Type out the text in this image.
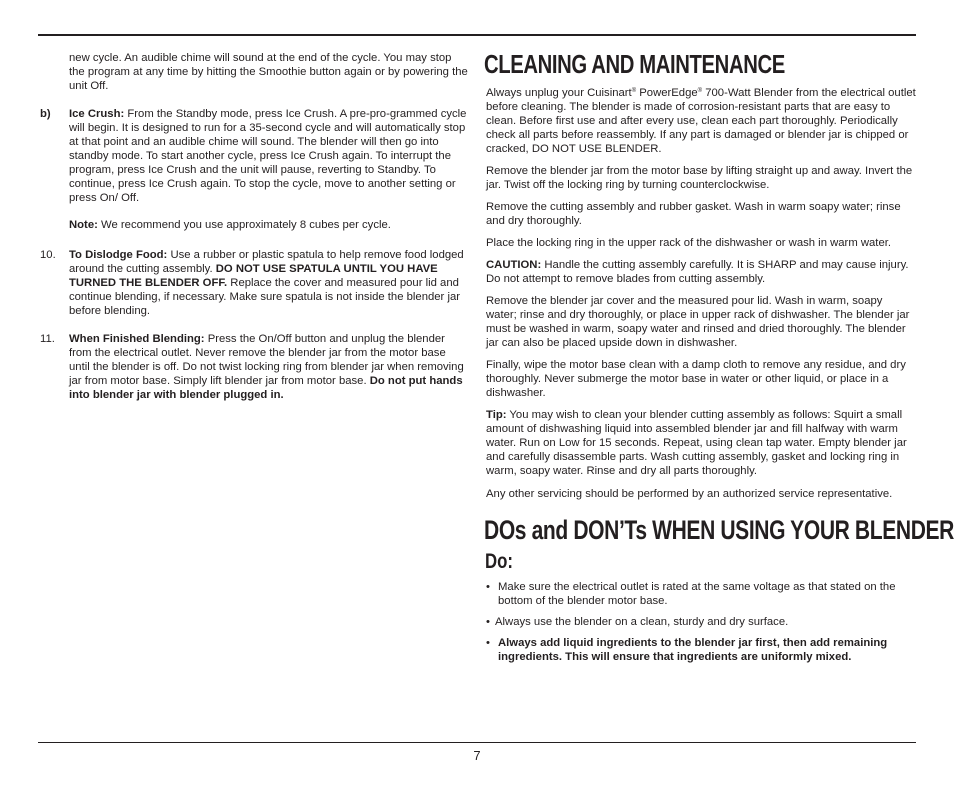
new cycle. An audible chime will sound at the end of the cycle. You may stop the program at any time by hitting the Smoothie button again or by powering the unit Off.

b)	Ice Crush: From the Standby mode, press Ice Crush. A pre-pro-grammed cycle will begin. It is designed to run for a 35-second cycle and will automatically stop at that point and an audible chime will sound. The blender will then go into standby mode. To start another cycle, press Ice Crush again. To interrupt the program, press Ice Crush and the unit will pause, reverting to Standby. To continue, press Ice Crush again. To stop the cycle, move to another setting or press On/ Off.
Note: We recommend you use approximately 8 cubes per cycle.
10.	To Dislodge Food: Use a rubber or plastic spatula to help remove food lodged around the cutting assembly. DO NOT USE SPATULA UNTIL YOU HAVE TURNED THE BLENDER OFF. Replace the cover and measured pour lid and continue blending, if necessary. Make sure spatula is not inside the blender jar before blending.
11.	When Finished Blending: Press the On/Off button and unplug the blender from the electrical outlet. Never remove the blender jar from the motor base until the blender is off. Do not twist locking ring from blender jar when removing jar from motor base. Simply lift blender jar from motor base. Do not put hands into blender jar with blender plugged in.
CLEANING AND MAINTENANCE

Always unplug your Cuisinart® PowerEdge® 700-Watt Blender from the electrical outlet before cleaning. The blender is made of corrosion-resistant parts that are easy to clean. Before first use and after every use, clean each part thoroughly. Periodically check all parts before reassembly. If any part is damaged or blender jar is chipped or cracked, DO NOT USE BLENDER.

Remove the blender jar from the motor base by lifting straight up and away. Invert the jar. Twist off the locking ring by turning counterclockwise.

Remove the cutting assembly and rubber gasket. Wash in warm soapy water; rinse and dry thoroughly.

Place the locking ring in the upper rack of the dishwasher or wash in warm water.

CAUTION: Handle the cutting assembly carefully. It is SHARP and may cause injury. Do not attempt to remove blades from cutting assembly.

Remove the blender jar cover and the measured pour lid. Wash in warm, soapy water; rinse and dry thoroughly, or place in upper rack of dishwasher. The blender jar must be washed in warm, soapy water and rinsed and dried thoroughly. The blender jar can also be placed upside down in dishwasher.

Finally, wipe the motor base clean with a damp cloth to remove any residue, and dry thoroughly. Never submerge the motor base in water or other liquid, or place in a dishwasher.

Tip: You may wish to clean your blender cutting assembly as follows: Squirt a small amount of dishwashing liquid into assembled blender jar and fill halfway with warm water. Run on Low for 15 seconds. Repeat, using clean tap water. Empty blender jar and carefully disassemble parts. Wash cutting assembly, gasket and locking ring in warm, soapy water. Rinse and dry all parts thoroughly.

Any other servicing should be performed by an authorized service representative.

DOs and DON’Ts WHEN USING YOUR BLENDER
Do:
• Make sure the electrical outlet is rated at the same voltage as that stated on the bottom of the blender motor base.
• Always use the blender on a clean, sturdy and dry surface.
• Always add liquid ingredients to the blender jar first, then add remaining ingredients. This will ensure that ingredients are uniformly mixed.
7
